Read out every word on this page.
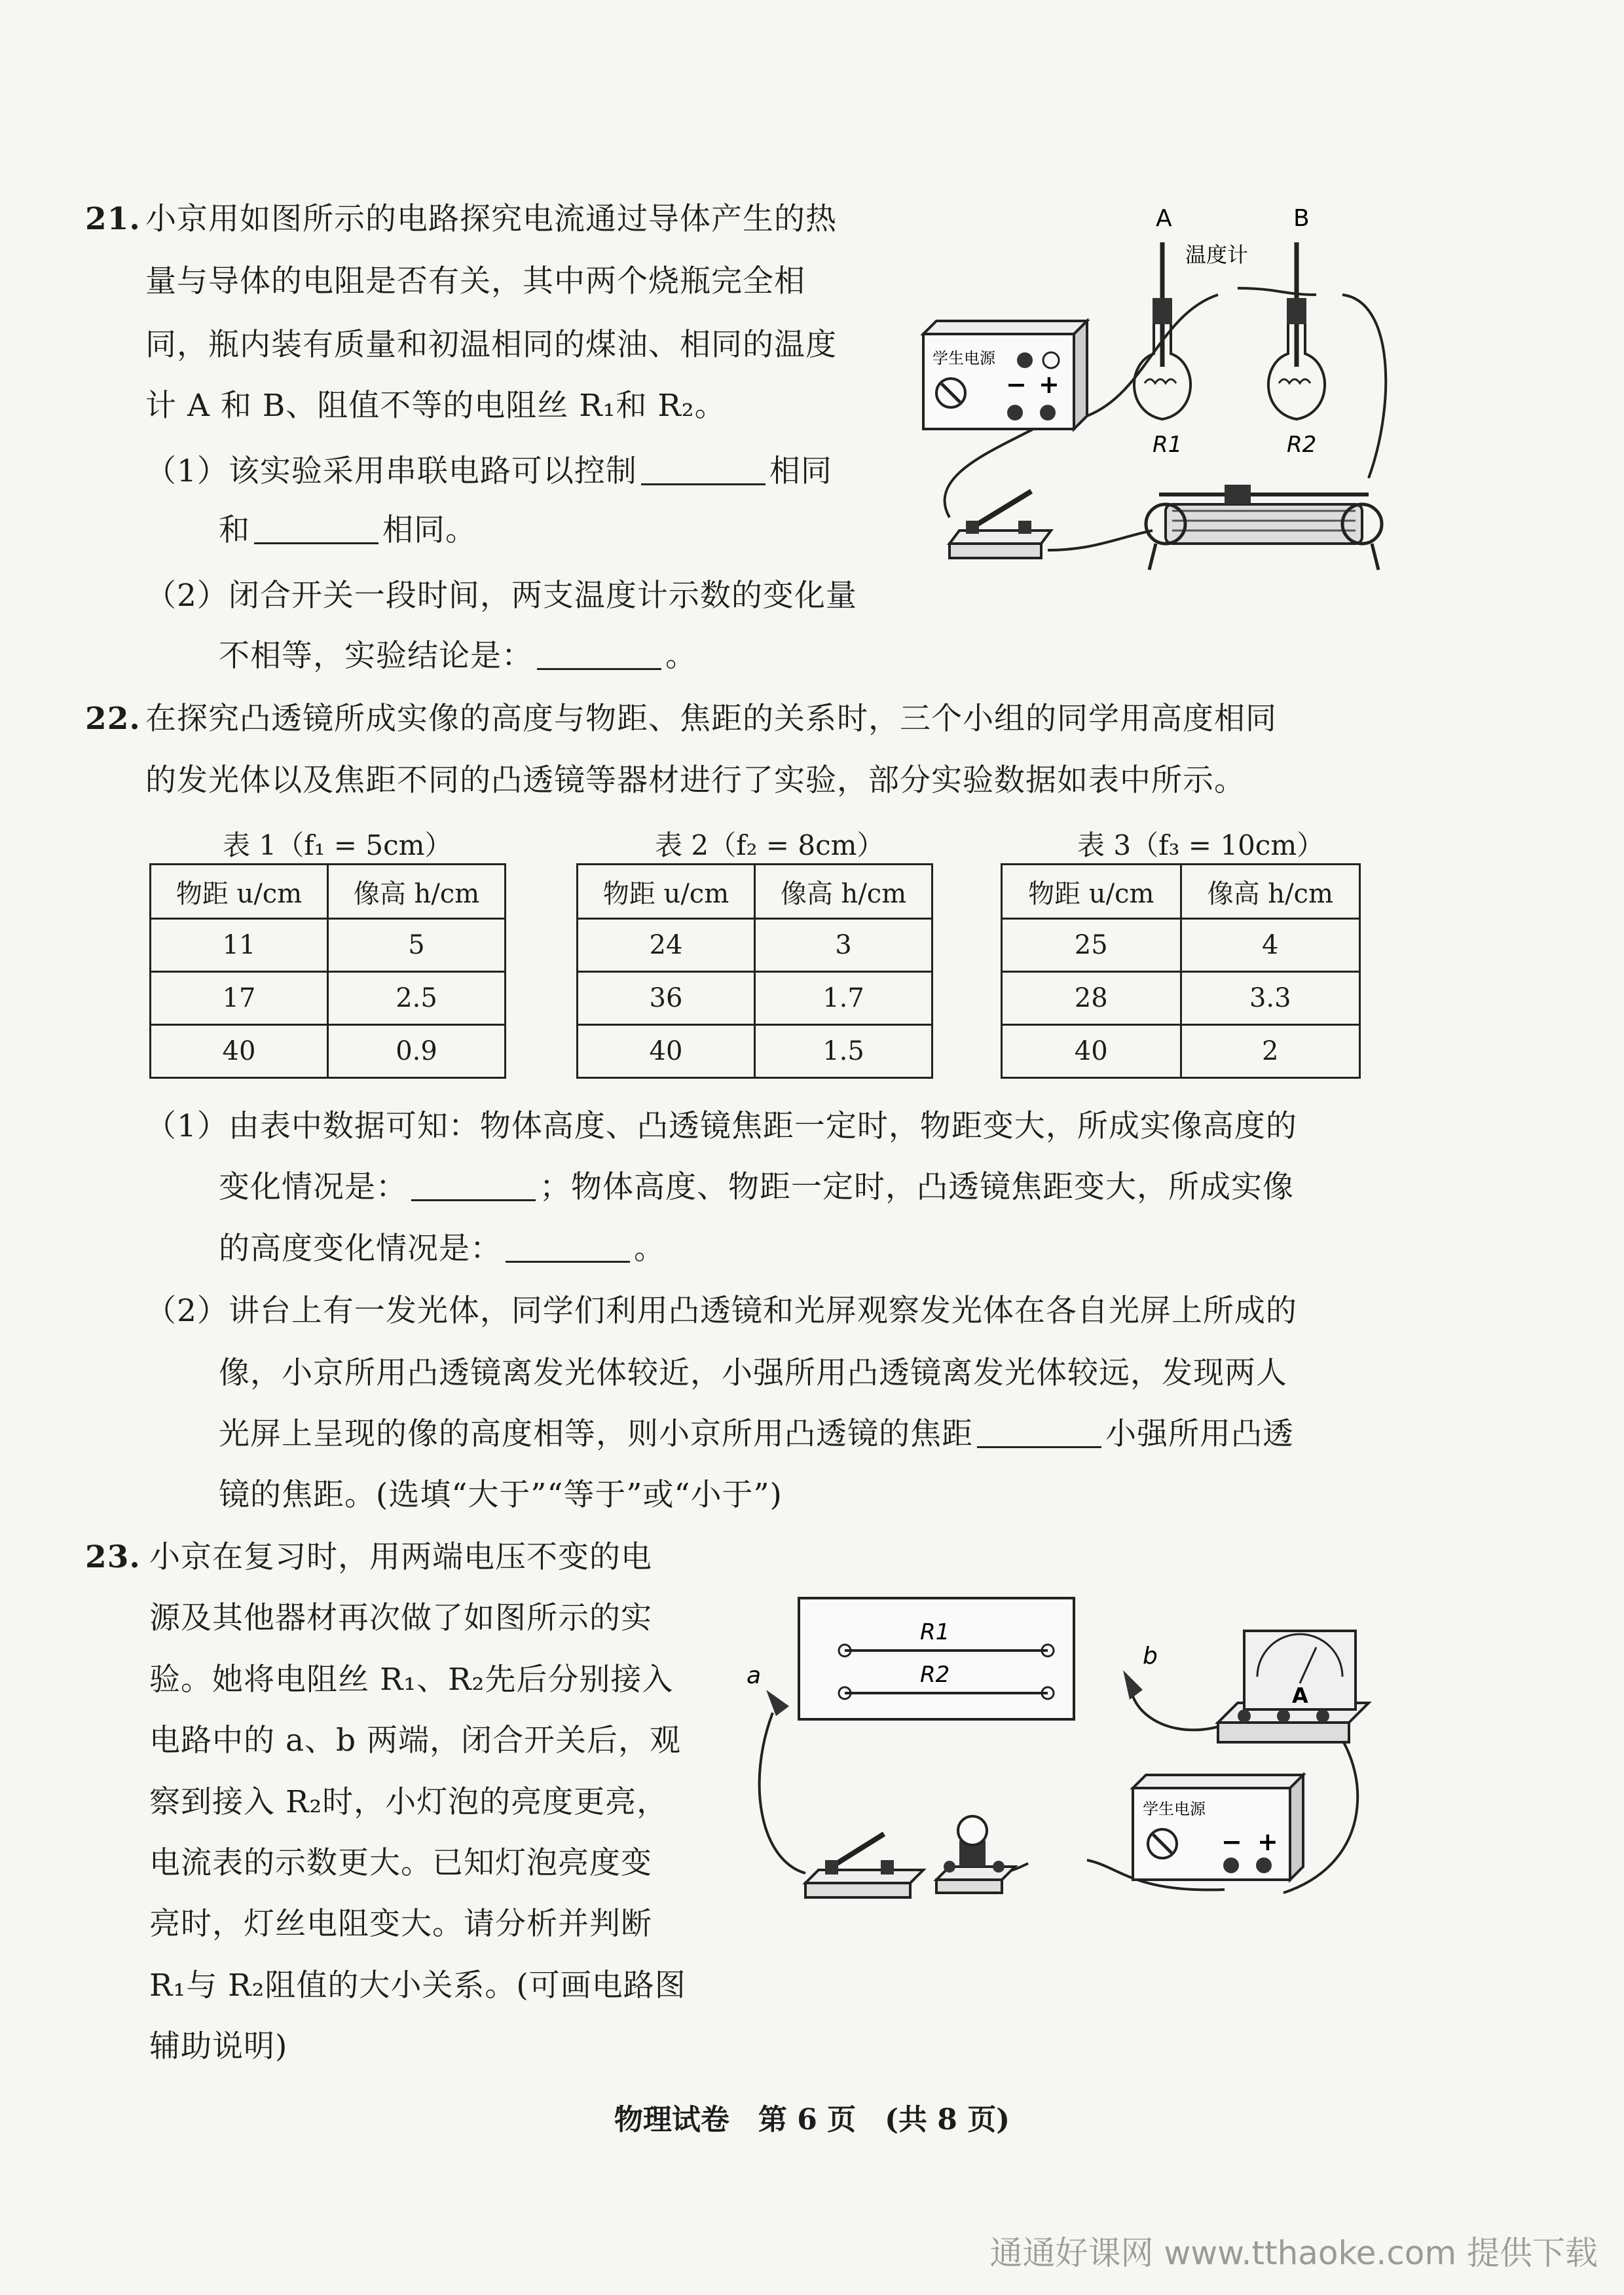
21. 小京用如图所示的电路探究电流通过导体产生的热
量与导体的电阻是否有关，其中两个烧瓶完全相
同，瓶内装有质量和初温相同的煤油、相同的温度
计 A 和 B、阻值不等的电阻丝 R₁和 R₂。
（1）该实验采用串联电路可以控制	相同
和	相同。
（2）闭合开关一段时间，两支温度计示数的变化量
不相等，实验结论是：	。
学生电源
− +
A	B
温度计
R1	R2
22. 在探究凸透镜所成实像的高度与物距、焦距的关系时，三个小组的同学用高度相同
的发光体以及焦距不同的凸透镜等器材进行了实验，部分实验数据如表中所示。
表 1（f₁ = 5cm）
物距 u/cm	像高 h/cm
11	5
17	2.5
40	0.9
表 2（f₂ = 8cm）
物距 u/cm	像高 h/cm
24	3
36	1.7
40	1.5
表 3（f₃ = 10cm）
物距 u/cm	像高 h/cm
25	4
28	3.3
40	2
（1）由表中数据可知：物体高度、凸透镜焦距一定时，物距变大，所成实像高度的
变化情况是：	；物体高度、物距一定时，凸透镜焦距变大，所成实像
的高度变化情况是：	。
（2）讲台上有一发光体，同学们利用凸透镜和光屏观察发光体在各自光屏上所成的
像，小京所用凸透镜离发光体较近，小强所用凸透镜离发光体较远，发现两人
光屏上呈现的像的高度相等，则小京所用凸透镜的焦距	小强所用凸透
镜的焦距。(选填“大于”“等于”或“小于”)
23. 小京在复习时，用两端电压不变的电
源及其他器材再次做了如图所示的实
验。她将电阻丝 R₁、R₂先后分别接入
电路中的 a、b 两端，闭合开关后，观
察到接入 R₂时，小灯泡的亮度更亮，
电流表的示数更大。已知灯泡亮度变
亮时，灯丝电阻变大。请分析并判断
R₁与 R₂阻值的大小关系。(可画电路图
辅助说明)
R1
R2
a
b
A
学生电源
− +
物理试卷　第 6 页　(共 8 页)
通通好课网 www.tthaoke.com 提供下载
